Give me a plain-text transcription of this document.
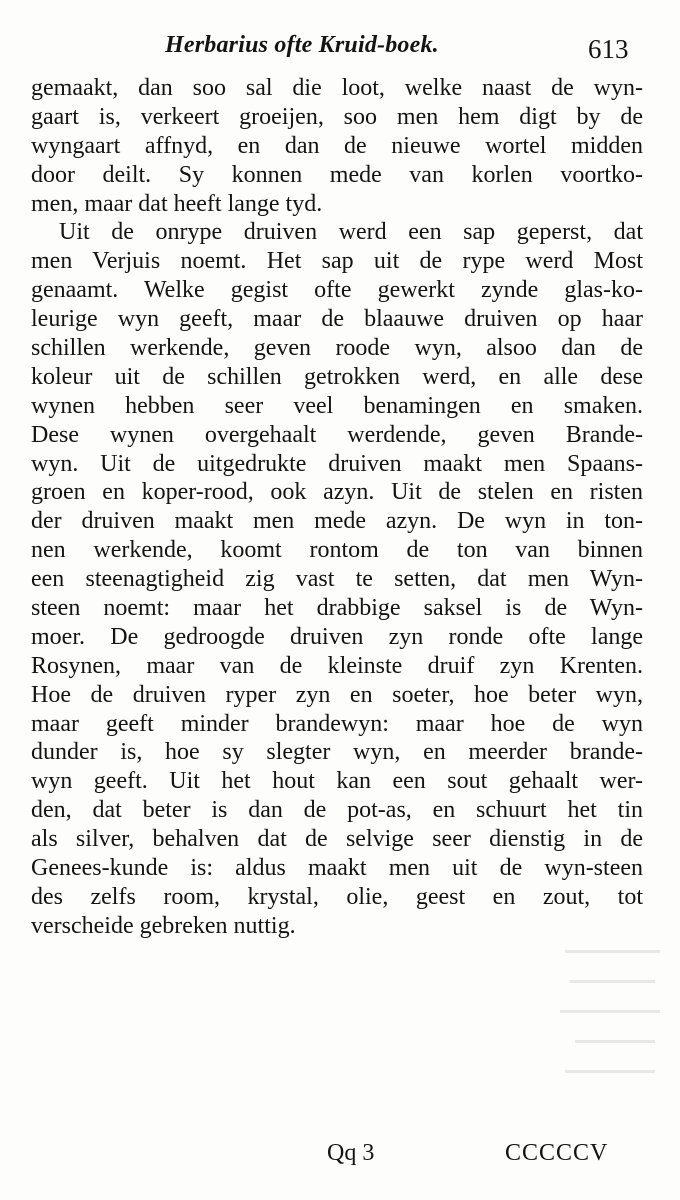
Herbarius ofte Kruid-boek.	613
gemaakt, dan soo sal die loot, welke naast de wyn-
gaart is, verkeert groeijen, soo men hem digt by de
wyngaart affnyd, en dan de nieuwe wortel midden
door deilt. Sy konnen mede van korlen voortko-
men, maar dat heeft lange tyd.
Uit de onrype druiven werd een sap geperst, dat
men Verjuis noemt. Het sap uit de rype werd Most
genaamt. Welke gegist ofte gewerkt zynde glas-ko-
leurige wyn geeft, maar de blaauwe druiven op haar
schillen werkende, geven roode wyn, alsoo dan de
koleur uit de schillen getrokken werd, en alle dese
wynen hebben seer veel benamingen en smaken.
Dese wynen overgehaalt werdende, geven Brande-
wyn. Uit de uitgedrukte druiven maakt men Spaans-
groen en koper-rood, ook azyn. Uit de stelen en risten
der druiven maakt men mede azyn. De wyn in ton-
nen werkende, koomt rontom de ton van binnen
een steenagtigheid zig vast te setten, dat men Wyn-
steen noemt: maar het drabbige saksel is de Wyn-
moer. De gedroogde druiven zyn ronde ofte lange
Rosynen, maar van de kleinste druif zyn Krenten.
Hoe de druiven ryper zyn en soeter, hoe beter wyn,
maar geeft minder brandewyn: maar hoe de wyn
dunder is, hoe sy slegter wyn, en meerder brande-
wyn geeft. Uit het hout kan een sout gehaalt wer-
den, dat beter is dan de pot-as, en schuurt het tin
als silver, behalven dat de selvige seer dienstig in de
Genees-kunde is: aldus maakt men uit de wyn-steen
des zelfs room, krystal, olie, geest en zout, tot
verscheide gebreken nuttig.
Qq 3	CCCCCV
